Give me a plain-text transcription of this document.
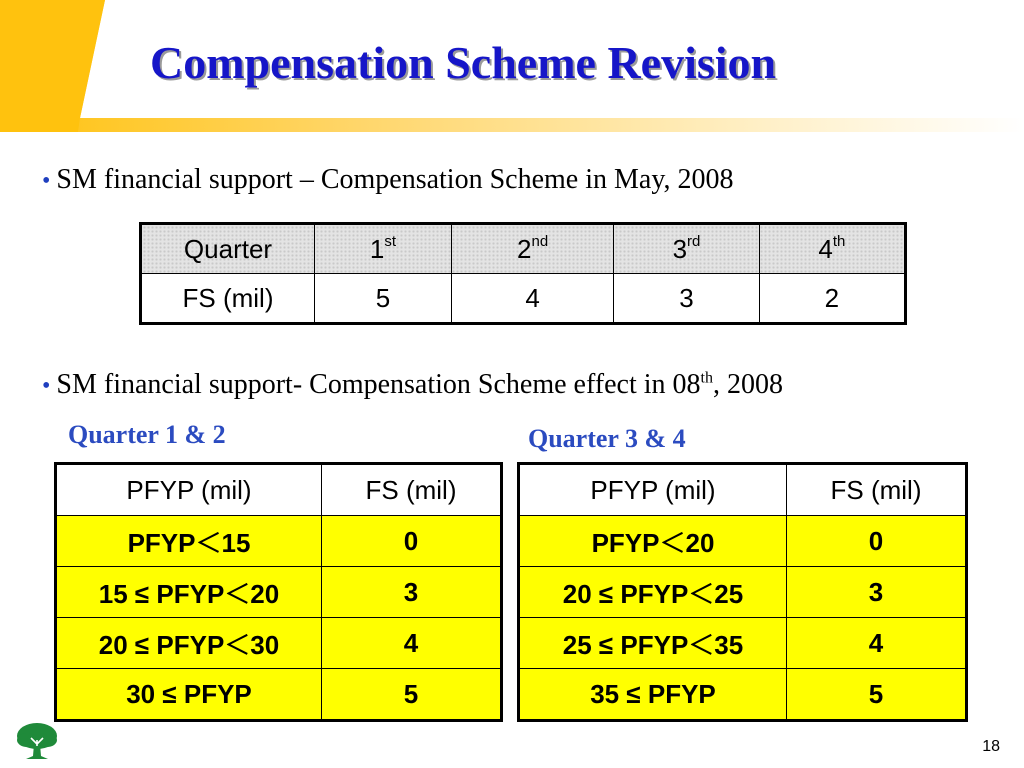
Compensation Scheme Revision
• SM financial support – Compensation Scheme in May, 2008
Quarter	1st	2nd	3rd	4th
FS (mil)	5	4	3	2
• SM financial support- Compensation Scheme effect in 08th, 2008
Quarter 1 & 2	Quarter 3 & 4
PFYP (mil)	FS (mil)
PFYP＜15	0
15 ≤ PFYP＜20	3
20 ≤ PFYP＜30	4
30 ≤ PFYP	5
PFYP (mil)	FS (mil)
PFYP＜20	0
20 ≤ PFYP＜25	3
25 ≤ PFYP＜35	4
35 ≤ PFYP	5
18
